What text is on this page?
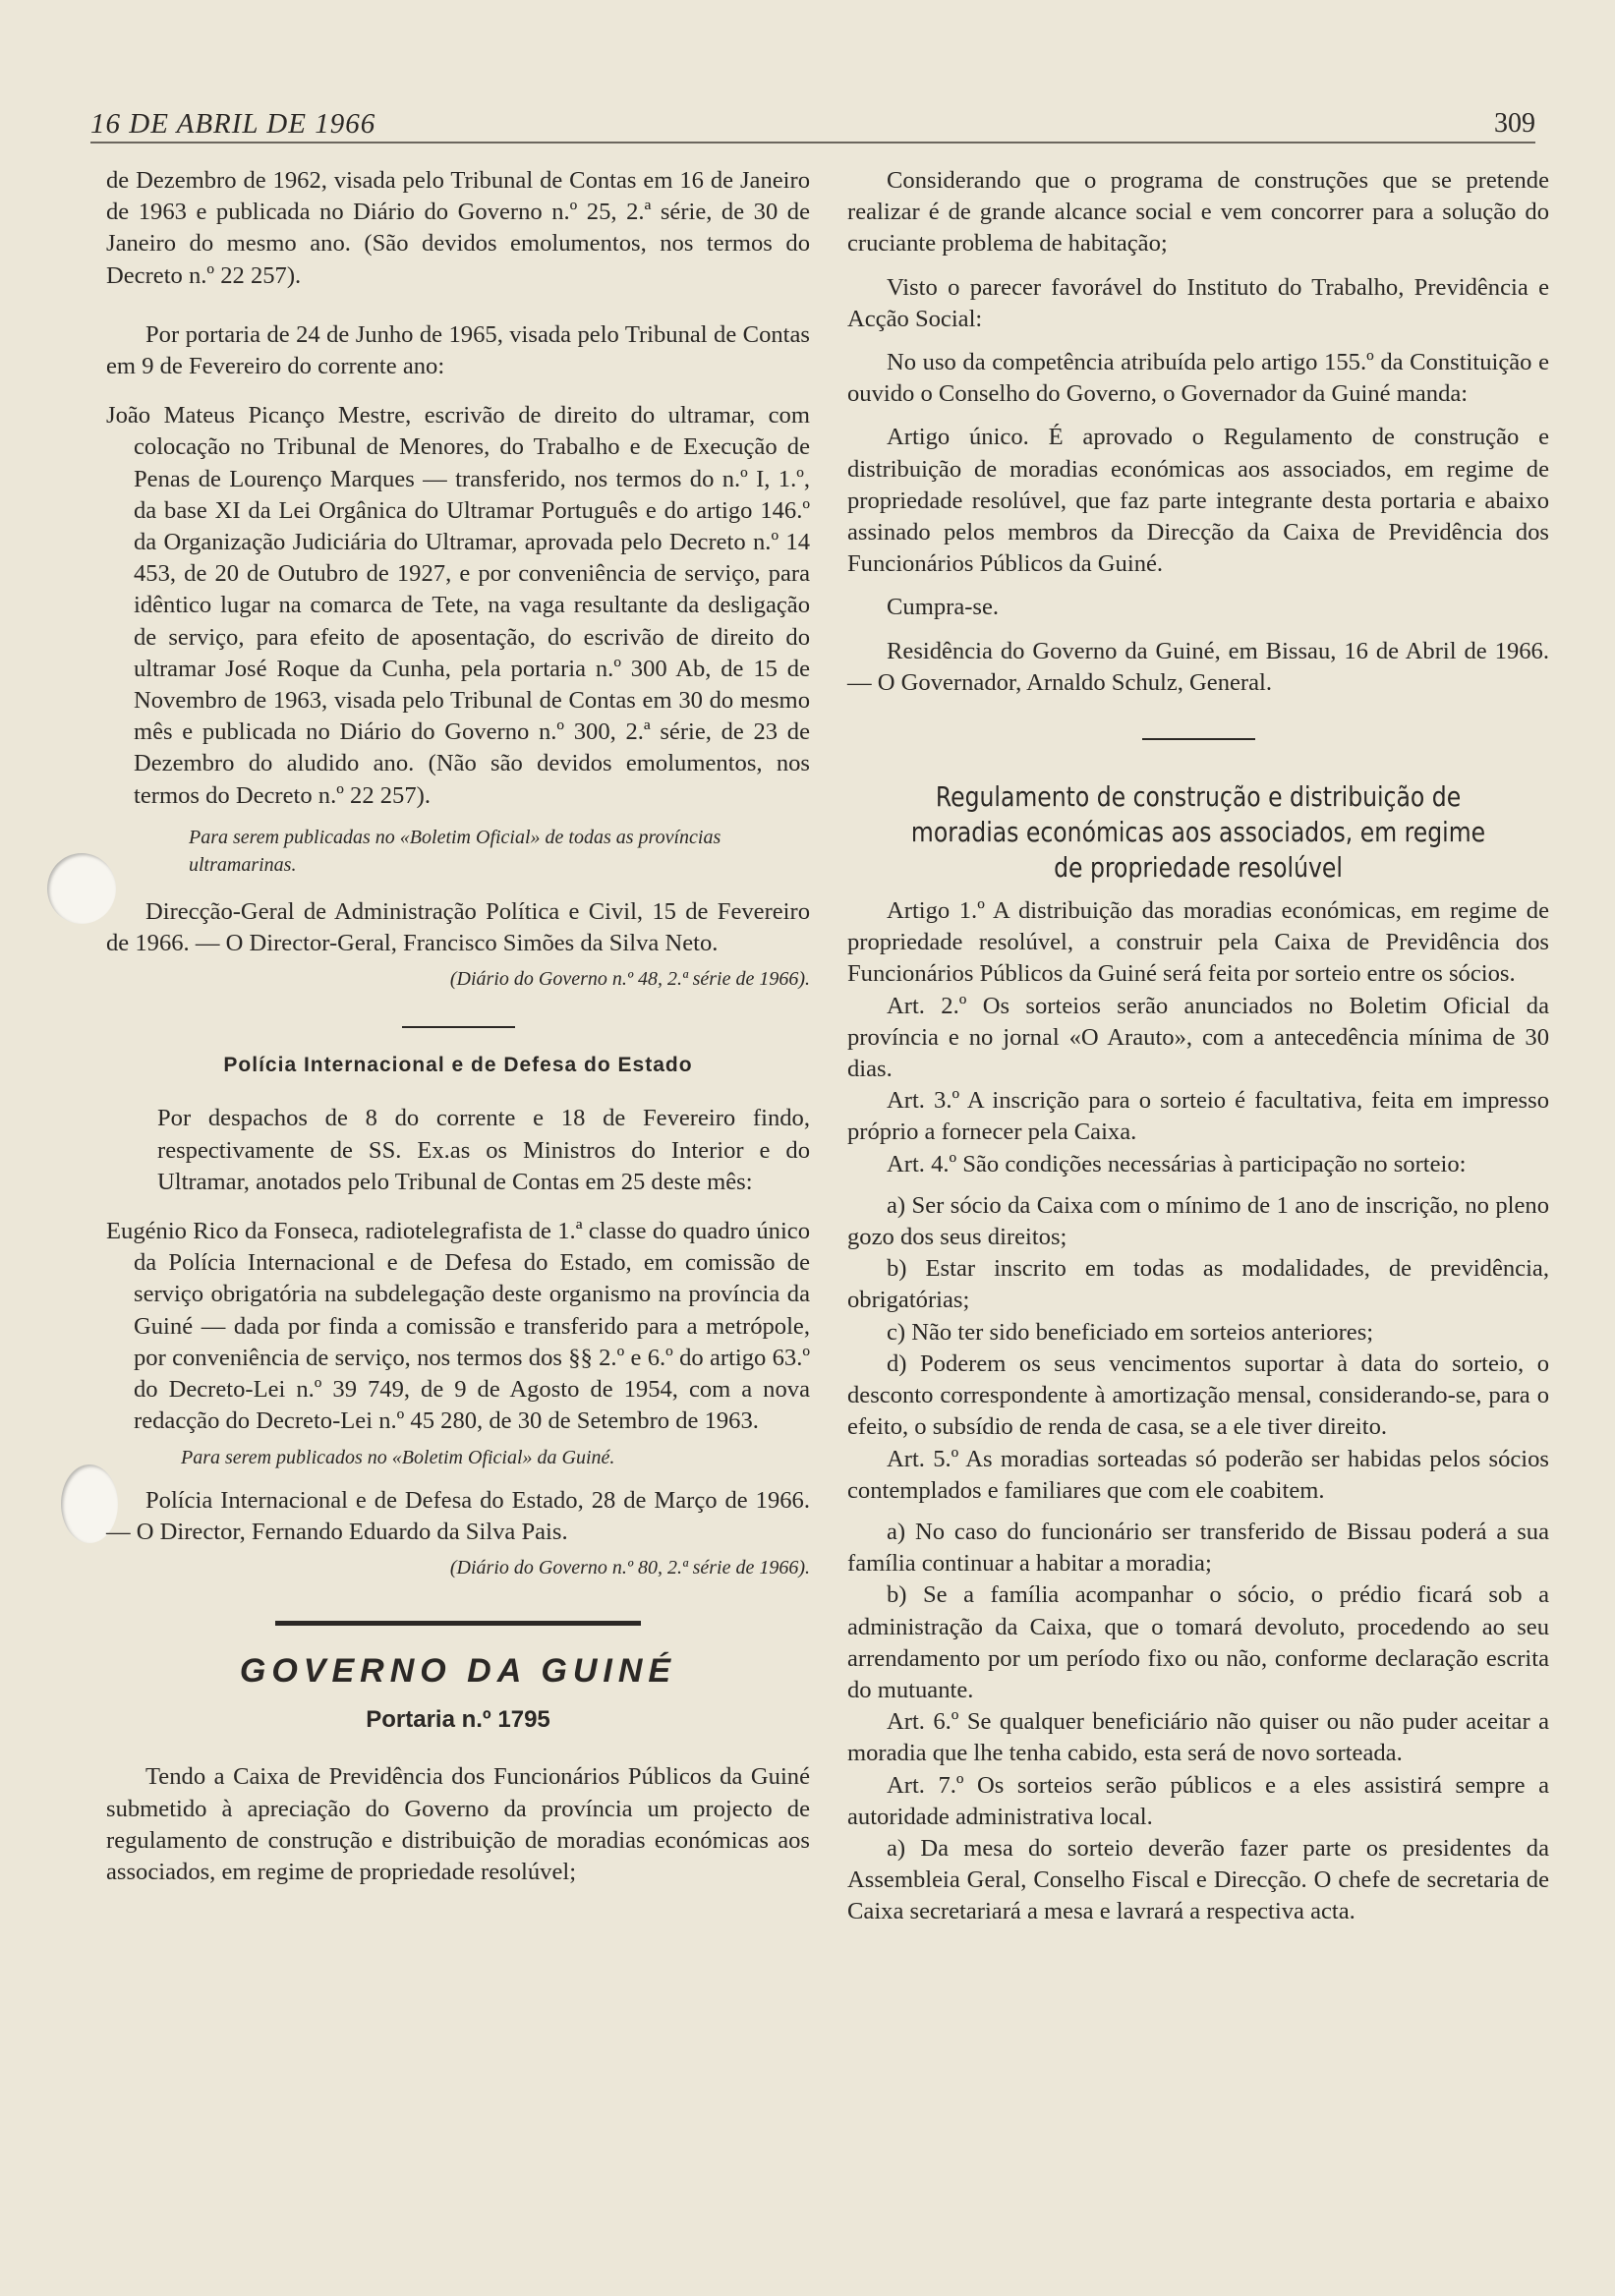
16 DE ABRIL DE 1966	309

de Dezembro de 1962, visada pelo Tribunal de Contas em 16 de Janeiro de 1963 e publicada no Diário do Governo n.º 25, 2.ª série, de 30 de Janeiro do mesmo ano. (São devidos emolumentos, nos termos do Decreto n.º 22 257).

Por portaria de 24 de Junho de 1965, visada pelo Tribunal de Contas em 9 de Fevereiro do corrente ano:

João Mateus Picanço Mestre, escrivão de direito do ultramar, com colocação no Tribunal de Menores, do Trabalho e de Execução de Penas de Lourenço Marques — transferido, nos termos do n.º I, 1.º, da base XI da Lei Orgânica do Ultramar Português e do artigo 146.º da Organização Judiciária do Ultramar, aprovada pelo Decreto n.º 14 453, de 20 de Outubro de 1927, e por conveniência de serviço, para idêntico lugar na comarca de Tete, na vaga resultante da desligação de serviço, para efeito de aposentação, do escrivão de direito do ultramar José Roque da Cunha, pela portaria n.º 300 Ab, de 15 de Novembro de 1963, visada pelo Tribunal de Contas em 30 do mesmo mês e publicada no Diário do Governo n.º 300, 2.ª série, de 23 de Dezembro do aludido ano. (Não são devidos emolumentos, nos termos do Decreto n.º 22 257).

Para serem publicadas no «Boletim Oficial» de todas as províncias ultramarinas.

Direcção-Geral de Administração Política e Civil, 15 de Fevereiro de 1966. — O Director-Geral, Francisco Simões da Silva Neto.

(Diário do Governo n.º 48, 2.ª série de 1966).

Polícia Internacional e de Defesa do Estado

Por despachos de 8 do corrente e 18 de Fevereiro findo, respectivamente de SS. Ex.as os Ministros do Interior e do Ultramar, anotados pelo Tribunal de Contas em 25 deste mês:

Eugénio Rico da Fonseca, radiotelegrafista de 1.ª classe do quadro único da Polícia Internacional e de Defesa do Estado, em comissão de serviço obrigatória na subdelegação deste organismo na província da Guiné — dada por finda a comissão e transferido para a metrópole, por conveniência de serviço, nos termos dos §§ 2.º e 6.º do artigo 63.º do Decreto-Lei n.º 39 749, de 9 de Agosto de 1954, com a nova redacção do Decreto-Lei n.º 45 280, de 30 de Setembro de 1963.

Para serem publicados no «Boletim Oficial» da Guiné.

Polícia Internacional e de Defesa do Estado, 28 de Março de 1966. — O Director, Fernando Eduardo da Silva Pais.

(Diário do Governo n.º 80, 2.ª série de 1966).

GOVERNO DA GUINÉ

Portaria n.º 1795

Tendo a Caixa de Previdência dos Funcionários Públicos da Guiné submetido à apreciação do Governo da província um projecto de regulamento de construção e distribuição de moradias económicas aos associados, em regime de propriedade resolúvel;

Considerando que o programa de construções que se pretende realizar é de grande alcance social e vem concorrer para a solução do cruciante problema de habitação;

Visto o parecer favorável do Instituto do Trabalho, Previdência e Acção Social:

No uso da competência atribuída pelo artigo 155.º da Constituição e ouvido o Conselho do Governo, o Governador da Guiné manda:

Artigo único. É aprovado o Regulamento de construção e distribuição de moradias económicas aos associados, em regime de propriedade resolúvel, que faz parte integrante desta portaria e abaixo assinado pelos membros da Direcção da Caixa de Previdência dos Funcionários Públicos da Guiné.

Cumpra-se.

Residência do Governo da Guiné, em Bissau, 16 de Abril de 1966. — O Governador, Arnaldo Schulz, General.

Regulamento de construção e distribuição de moradias económicas aos associados, em regime de propriedade resolúvel

Artigo 1.º A distribuição das moradias económicas, em regime de propriedade resolúvel, a construir pela Caixa de Previdência dos Funcionários Públicos da Guiné será feita por sorteio entre os sócios.

Art. 2.º Os sorteios serão anunciados no Boletim Oficial da província e no jornal «O Arauto», com a antecedência mínima de 30 dias.

Art. 3.º A inscrição para o sorteio é facultativa, feita em impresso próprio a fornecer pela Caixa.

Art. 4.º São condições necessárias à participação no sorteio:

a) Ser sócio da Caixa com o mínimo de 1 ano de inscrição, no pleno gozo dos seus direitos;

b) Estar inscrito em todas as modalidades, de previdência, obrigatórias;

c) Não ter sido beneficiado em sorteios anteriores;

d) Poderem os seus vencimentos suportar à data do sorteio, o desconto correspondente à amortização mensal, considerando-se, para o efeito, o subsídio de renda de casa, se a ele tiver direito.

Art. 5.º As moradias sorteadas só poderão ser habidas pelos sócios contemplados e familiares que com ele coabitem.

a) No caso do funcionário ser transferido de Bissau poderá a sua família continuar a habitar a moradia;

b) Se a família acompanhar o sócio, o prédio ficará sob a administração da Caixa, que o tomará devoluto, procedendo ao seu arrendamento por um período fixo ou não, conforme declaração escrita do mutuante.

Art. 6.º Se qualquer beneficiário não quiser ou não puder aceitar a moradia que lhe tenha cabido, esta será de novo sorteada.

Art. 7.º Os sorteios serão públicos e a eles assistirá sempre a autoridade administrativa local.

a) Da mesa do sorteio deverão fazer parte os presidentes da Assembleia Geral, Conselho Fiscal e Direcção. O chefe de secretaria de Caixa secretariará a mesa e lavrará a respectiva acta.
